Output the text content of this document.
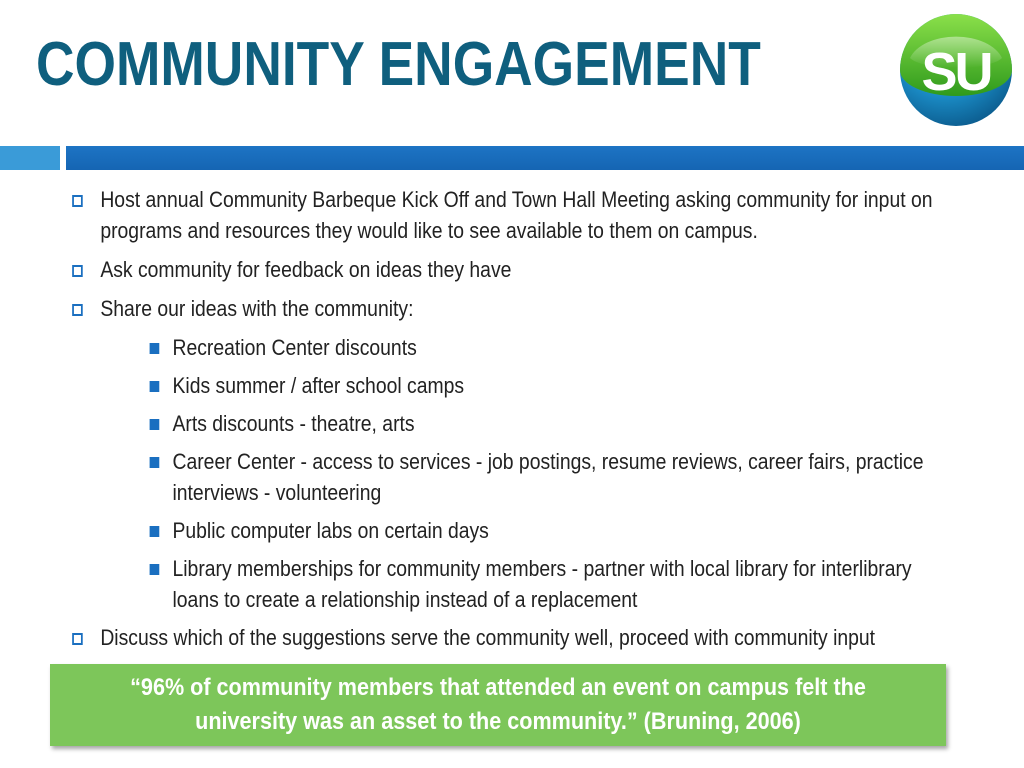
COMMUNITY ENGAGEMENT	SU
Host annual Community Barbeque Kick Off and Town Hall Meeting asking community for input on programs and resources they would like to see available to them on campus.
Ask community for feedback on ideas they have
Share our ideas with the community:
Recreation Center discounts
Kids summer / after school camps
Arts discounts - theatre, arts
Career Center - access to services - job postings, resume reviews, career fairs, practice interviews - volunteering
Public computer labs on certain days
Library memberships for community members - partner with local library for interlibrary loans to create a relationship instead of a replacement
Discuss which of the suggestions serve the community well, proceed with community input
“96% of community members that attended an event on campus felt the university was an asset to the community.” (Bruning, 2006)
